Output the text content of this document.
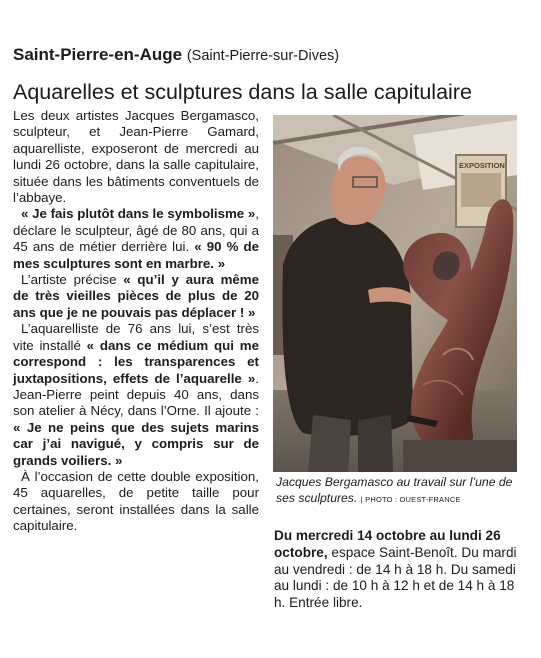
Saint-Pierre-en-Auge (Saint-Pierre-sur-Dives)
Aquarelles et sculptures dans la salle capitulaire

Les deux artistes Jacques Bergamasco, sculpteur, et Jean-Pierre Gamard, aquarelliste, exposeront de mercredi au lundi 26 octobre, dans la salle capitulaire, située dans les bâtiments conventuels de l’abbaye.

« Je fais plutôt dans le symbolisme », déclare le sculpteur, âgé de 80 ans, qui a 45 ans de métier derrière lui. « 90 % de mes sculptures sont en marbre. »

L’artiste précise « qu’il y aura même de très vieilles pièces de plus de 20 ans que je ne pouvais pas déplacer ! »

L’aquarelliste de 76 ans lui, s’est très vite installé « dans ce médium qui me correspond : les transparences et juxtapositions, effets de l’aquarelle ». Jean-Pierre peint depuis 40 ans, dans son atelier à Nécy, dans l’Orne. Il ajoute : « Je ne peins que des sujets marins car j’ai navigué, y compris sur de grands voiliers. »

À l’occasion de cette double exposition, 45 aquarelles, de petite taille pour certaines, seront installées dans la salle capitulaire.

EXPOSITION
Jacques Bergamasco au travail sur l’une de ses sculptures. | PHOTO : OUEST-FRANCE
Du mercredi 14 octobre au lundi 26 octobre, espace Saint-Benoît. Du mardi au vendredi : de 14 h à 18 h. Du samedi au lundi : de 10 h à 12 h et de 14 h à 18 h. Entrée libre.
